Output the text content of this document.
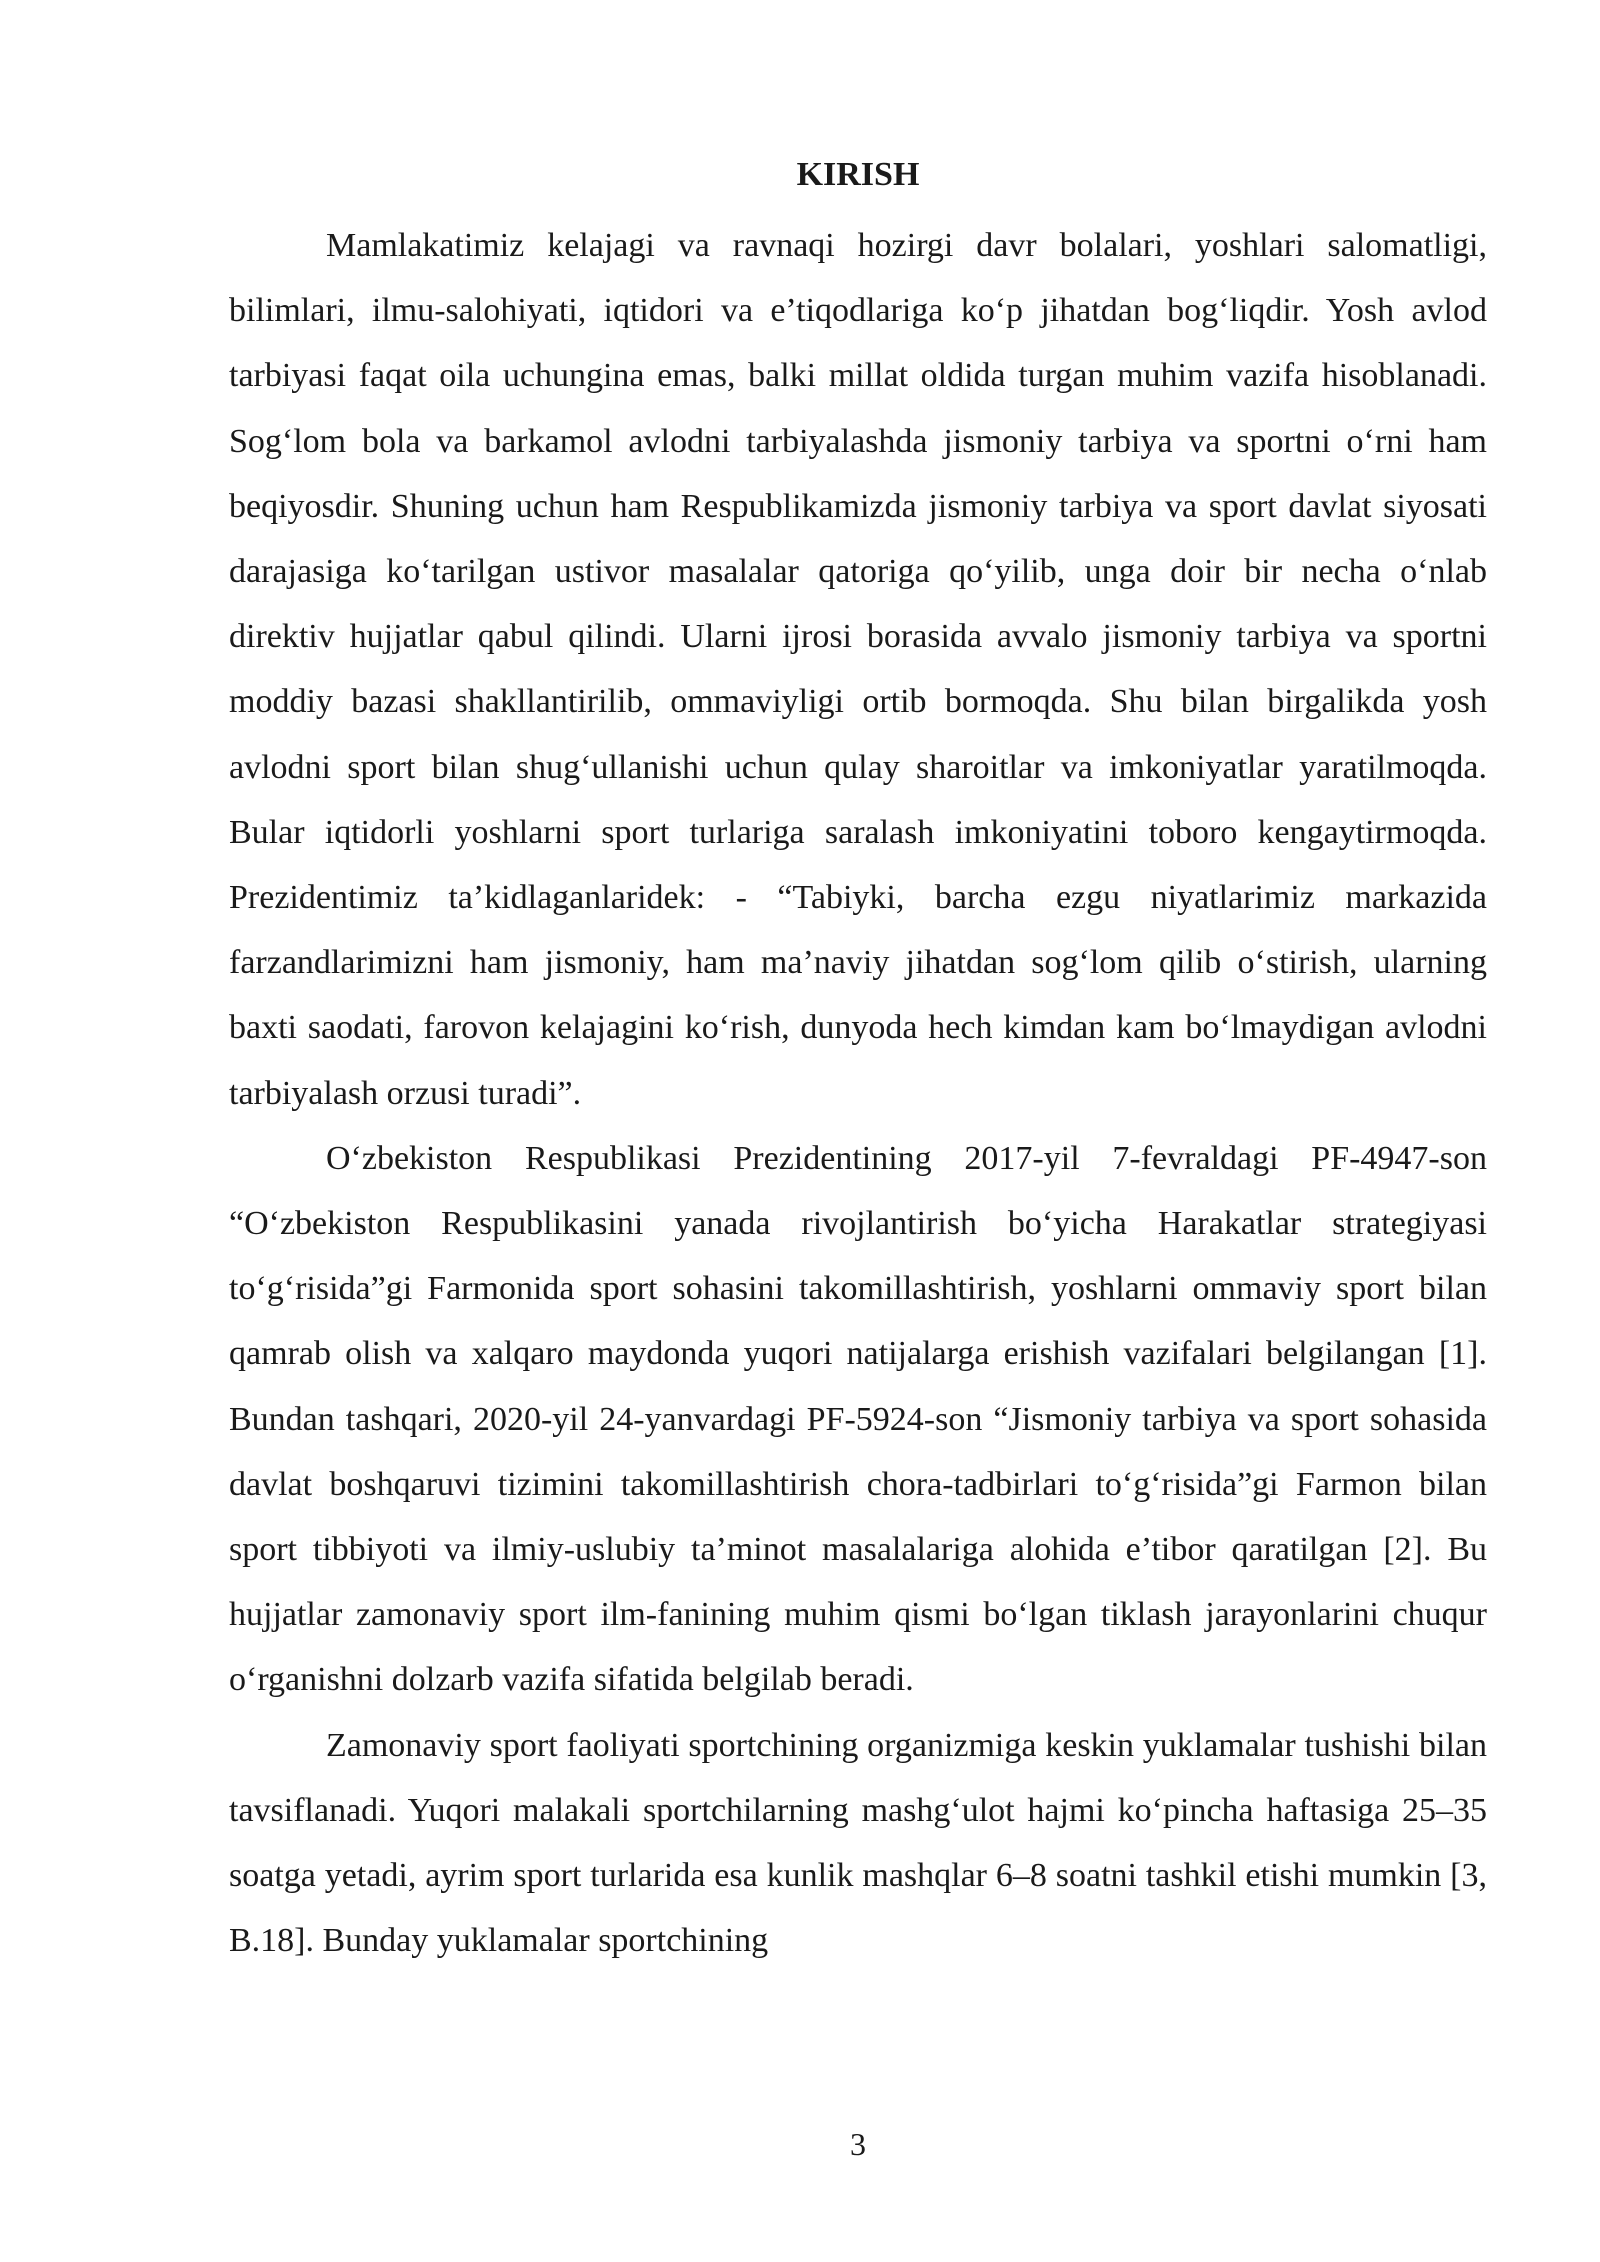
KIRISH

Mamlakatimiz kelajagi va ravnaqi hozirgi davr bolalari, yoshlari salomatligi, bilimlari, ilmu-salohiyati, iqtidori va e’tiqodlariga ko‘p jihatdan bog‘liqdir. Yosh avlod tarbiyasi faqat oila uchungina emas, balki millat oldida turgan muhim vazifa hisoblanadi. Sog‘lom bola va barkamol avlodni tarbiyalashda jismoniy tarbiya va sportni o‘rni ham beqiyosdir. Shuning uchun ham Respublikamizda jismoniy tarbiya va sport davlat siyosati darajasiga ko‘tarilgan ustivor masalalar qatoriga qo‘yilib, unga doir bir necha o‘nlab direktiv hujjatlar qabul qilindi. Ularni ijrosi borasida avvalo jismoniy tarbiya va sportni moddiy bazasi shakllantirilib, ommaviyligi ortib bormoqda. Shu bilan birgalikda yosh avlodni sport bilan shug‘ullanishi uchun qulay sharoitlar va imkoniyatlar yaratilmoqda. Bular iqtidorli yoshlarni sport turlariga saralash imkoniyatini toboro kengaytirmoqda. Prezidentimiz ta’kidlaganlaridek: - “Tabiyki, barcha ezgu niyatlarimiz markazida farzandlarimizni ham jismoniy, ham ma’naviy jihatdan sog‘lom qilib o‘stirish, ularning baxti saodati, farovon kelajagini ko‘rish, dunyoda hech kimdan kam bo‘lmaydigan avlodni tarbiyalash orzusi turadi”.

O‘zbekiston Respublikasi Prezidentining 2017-yil 7-fevraldagi PF-4947-son “O‘zbekiston Respublikasini yanada rivojlantirish bo‘yicha Harakatlar strategiyasi to‘g‘risida”gi Farmonida sport sohasini takomillashtirish, yoshlarni ommaviy sport bilan qamrab olish va xalqaro maydonda yuqori natijalarga erishish vazifalari belgilangan [1]. Bundan tashqari, 2020-yil 24-yanvardagi PF-5924-son “Jismoniy tarbiya va sport sohasida davlat boshqaruvi tizimini takomillashtirish chora-tadbirlari to‘g‘risida”gi Farmon bilan sport tibbiyoti va ilmiy-uslubiy ta’minot masalalariga alohida e’tibor qaratilgan [2]. Bu hujjatlar zamonaviy sport ilm-fanining muhim qismi bo‘lgan tiklash jarayonlarini chuqur o‘rganishni dolzarb vazifa sifatida belgilab beradi.

Zamonaviy sport faoliyati sportchining organizmiga keskin yuklamalar tushishi bilan tavsiflanadi. Yuqori malakali sportchilarning mashg‘ulot hajmi ko‘pincha haftasiga 25–35 soatga yetadi, ayrim sport turlarida esa kunlik mashqlar 6–8 soatni tashkil etishi mumkin [3, B.18]. Bunday yuklamalar sportchining

3
